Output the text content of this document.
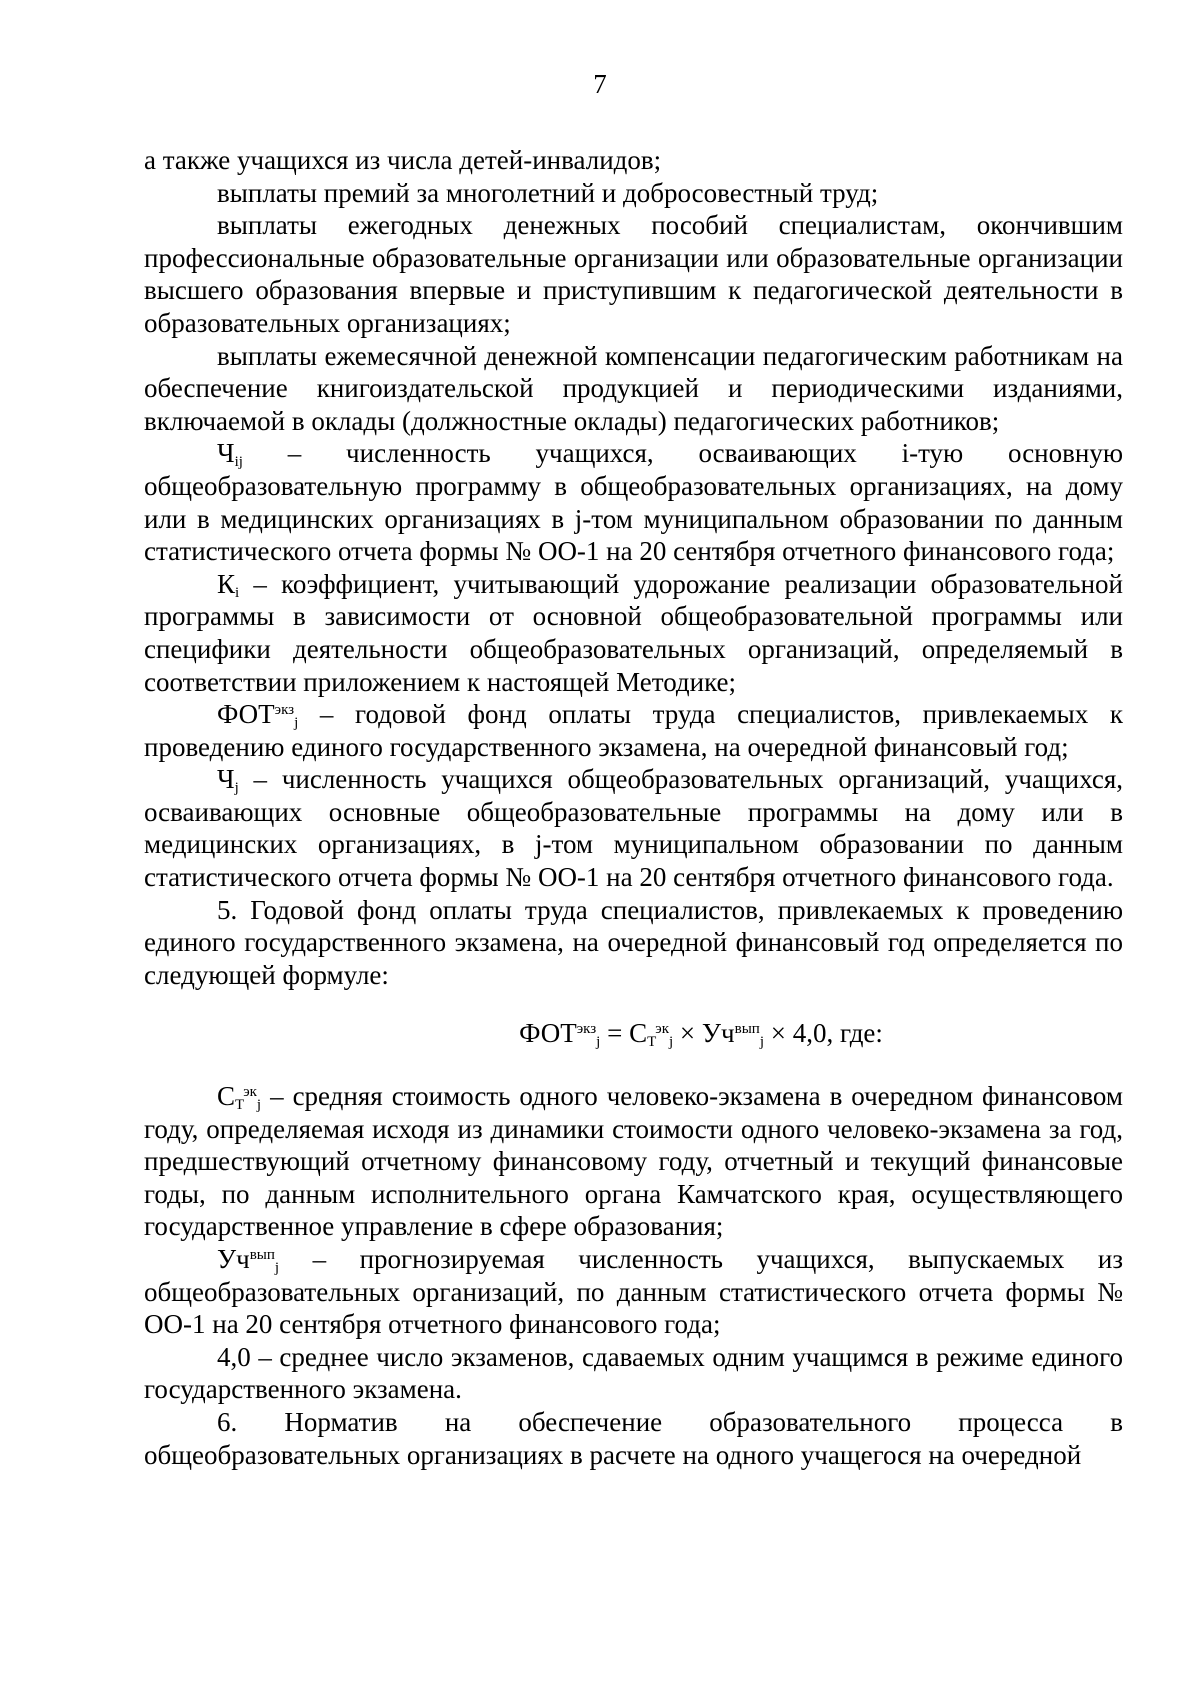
7

а также учащихся из числа детей-инвалидов;

выплаты премий за многолетний и добросовестный труд;

выплаты ежегодных денежных пособий специалистам, окончившим профессиональные образовательные организации или образовательные организации высшего образования впервые и приступившим к педагогической деятельности в образовательных организациях;

выплаты ежемесячной денежной компенсации педагогическим работникам на обеспечение книгоиздательской продукцией и периодическими изданиями, включаемой в оклады (должностные оклады) педагогических работников;

$Ч_{ij}$ – численность учащихся, осваивающих i-тую основную общеобразовательную программу в общеобразовательных организациях, на дому или в медицинских организациях в j-том муниципальном образовании по данным статистического отчета формы № ОО-1 на 20 сентября отчетного финансового года;

$К_i$ – коэффициент, учитывающий удорожание реализации образовательной программы в зависимости от основной общеобразовательной программы или специфики деятельности общеобразовательных организаций, определяемый в соответствии приложением к настоящей Методике;

$ФОТ^{экз}_j$ – годовой фонд оплаты труда специалистов, привлекаемых к проведению единого государственного экзамена, на очередной финансовый год;

$Ч_j$ – численность учащихся общеобразовательных организаций, учащихся, осваивающих основные общеобразовательные программы на дому или в медицинских организациях, в j-том муниципальном образовании по данным статистического отчета формы № ОО-1 на 20 сентября отчетного финансового года.

5. Годовой фонд оплаты труда специалистов, привлекаемых к проведению единого государственного экзамена, на очередной финансовый год определяется по следующей формуле:

$ФОТ^{экз}_j = С_Т^{эк}_j \times Уч^{вып}_j \times 4,0$, где:

$С_Т^{эк}_j$ – средняя стоимость одного человеко-экзамена в очередном финансовом году, определяемая исходя из динамики стоимости одного человеко-экзамена за год, предшествующий отчетному финансовому году, отчетный и текущий финансовые годы, по данным исполнительного органа Камчатского края, осуществляющего государственное управление в сфере образования;

$Уч^{вып}_j$ – прогнозируемая численность учащихся, выпускаемых из общеобразовательных организаций, по данным статистического отчета формы № ОО-1 на 20 сентября отчетного финансового года;

4,0 – среднее число экзаменов, сдаваемых одним учащимся в режиме единого государственного экзамена.

6. Норматив на обеспечение образовательного процесса в общеобразовательных организациях в расчете на одного учащегося на очередной
